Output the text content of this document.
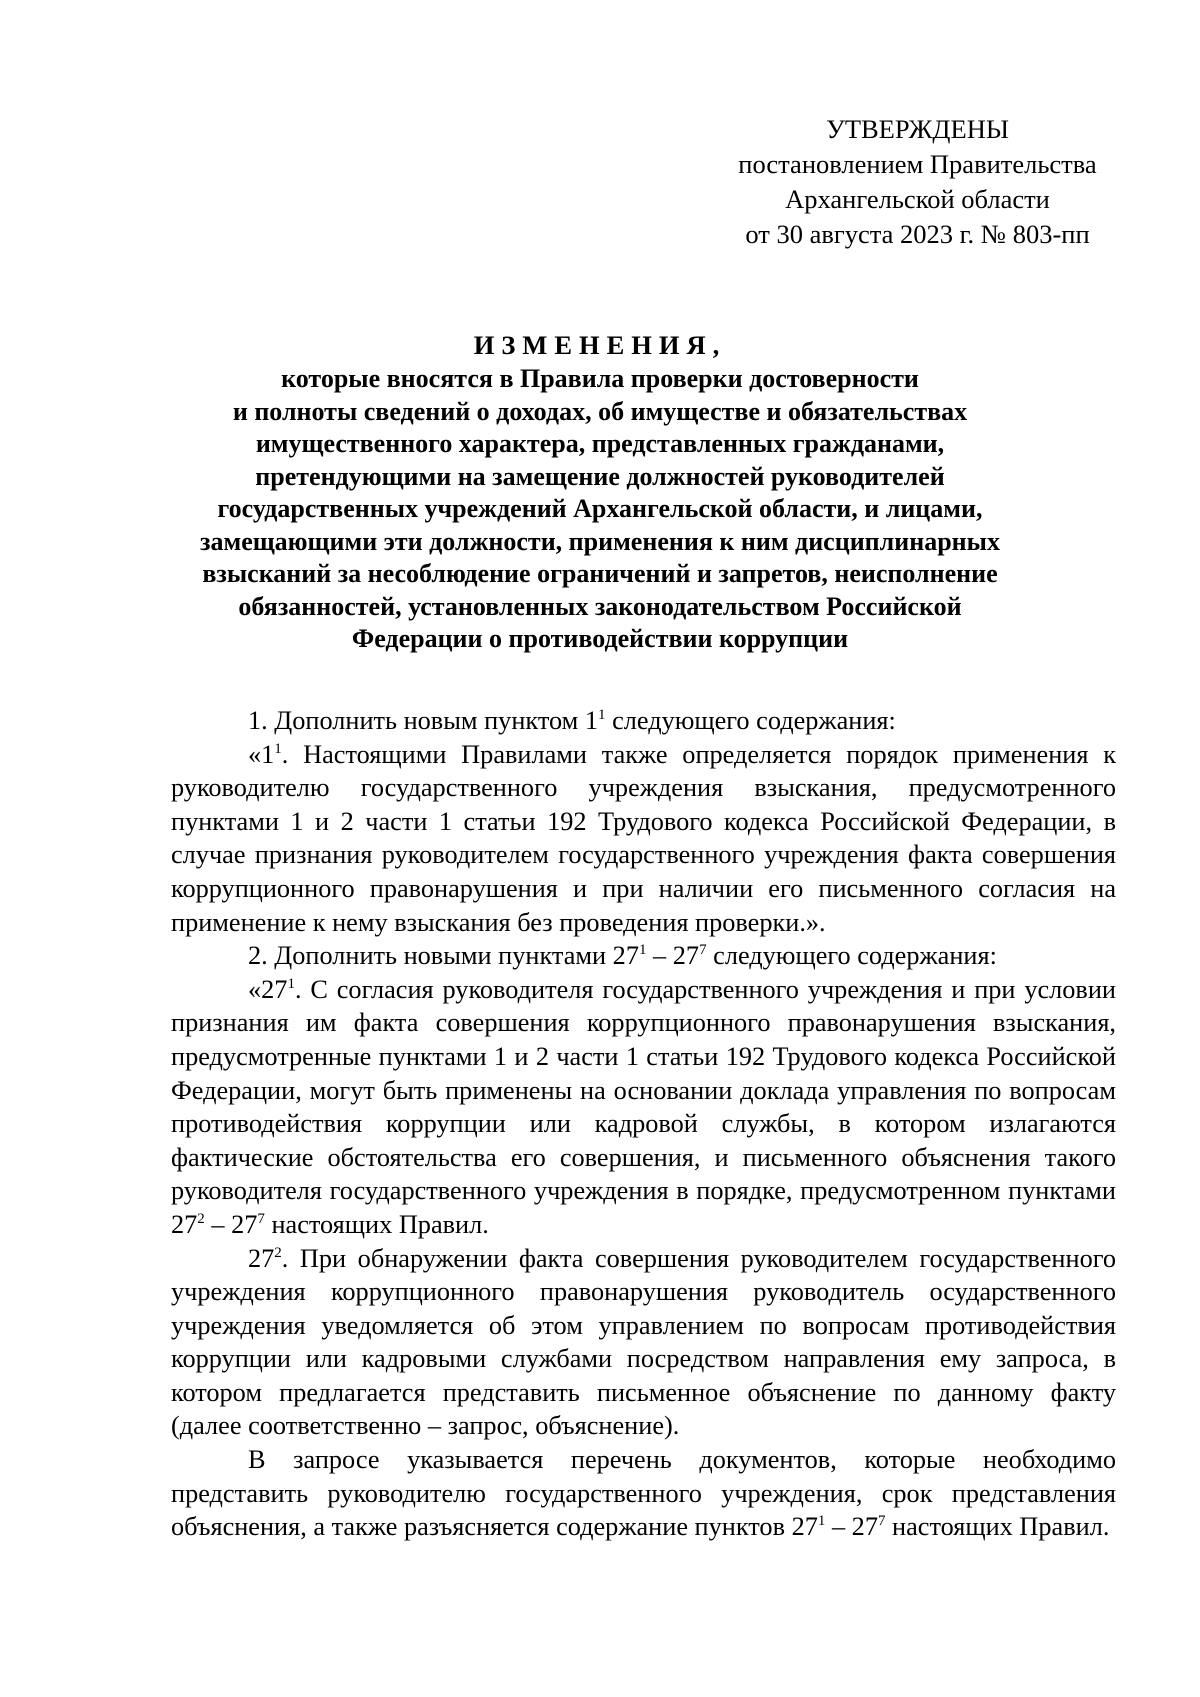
УТВЕРЖДЕНЫ
постановлением Правительства
Архангельской области
от 30 августа 2023 г. № 803-пп
ИЗМЕНЕНИЯ,
которые вносятся в Правила проверки достоверности
и полноты сведений о доходах, об имуществе и обязательствах
имущественного характера, представленных гражданами,
претендующими на замещение должностей руководителей
государственных учреждений Архангельской области, и лицами,
замещающими эти должности, применения к ним дисциплинарных
взысканий за несоблюдение ограничений и запретов, неисполнение
обязанностей, установленных законодательством Российской
Федерации о противодействии коррупции

1. Дополнить новым пунктом $1^1$ следующего содержания:

«$1^1$. Настоящими Правилами также определяется порядок применения к руководителю государственного учреждения взыскания, предусмотренного пунктами 1 и 2 части 1 статьи 192 Трудового кодекса Российской Федерации, в случае признания руководителем государственного учреждения факта совершения коррупционного правонарушения и при наличии его письменного согласия на применение к нему взыскания без проведения проверки.».

2. Дополнить новыми пунктами $27^1 - 27^7$ следующего содержания:

«$27^1$. С согласия руководителя государственного учреждения и при условии признания им факта совершения коррупционного правонарушения взыскания, предусмотренные пунктами 1 и 2 части 1 статьи 192 Трудового кодекса Российской Федерации, могут быть применены на основании доклада управления по вопросам противодействия коррупции или кадровой службы, в котором излагаются фактические обстоятельства его совершения, и письменного объяснения такого руководителя государственного учреждения в порядке, предусмотренном пунктами $27^2 - 27^7$ настоящих Правил.

$27^2$. При обнаружении факта совершения руководителем государственного учреждения коррупционного правонарушения руководитель осударственного учреждения уведомляется об этом управлением по вопросам противодействия коррупции или кадровыми службами посредством направления ему запроса, в котором предлагается представить письменное объяснение по данному факту (далее соответственно – запрос, объяснение).

В запросе указывается перечень документов, которые необходимо представить руководителю государственного учреждения, срок представления объяснения, а также разъясняется содержание пунктов $27^1 - 27^7$ настоящих Правил.
